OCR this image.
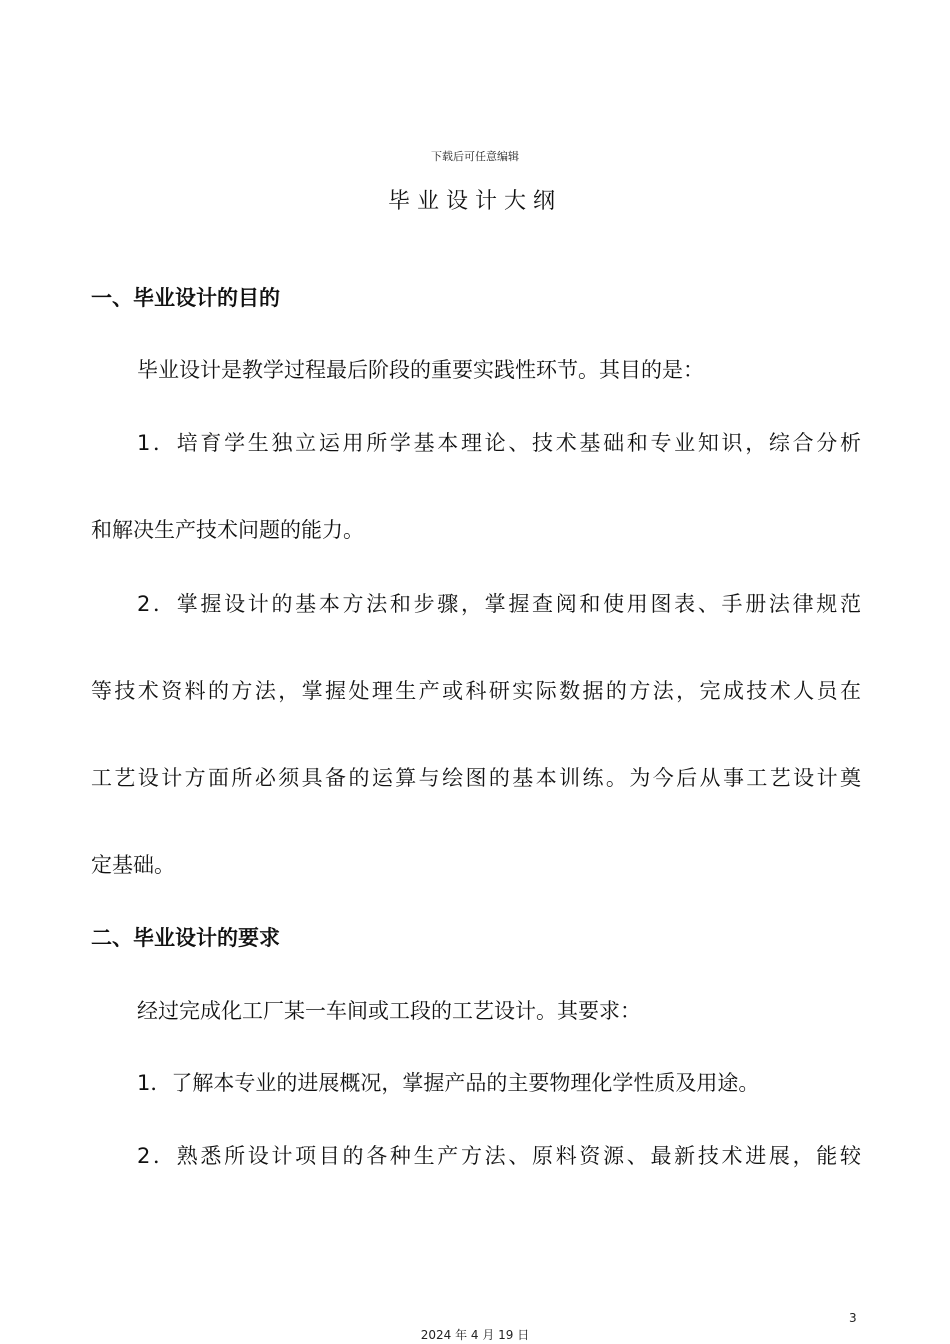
下载后可任意编辑
毕业设计大纲
一、毕业设计的目的
毕业设计是教学过程最后阶段的重要实践性环节。其目的是：
1．培育学生独立运用所学基本理论、技术基础和专业知识，综合分析
和解决生产技术问题的能力。
2．掌握设计的基本方法和步骤，掌握查阅和使用图表、手册法律规范
等技术资料的方法，掌握处理生产或科研实际数据的方法，完成技术人员在
工艺设计方面所必须具备的运算与绘图的基本训练。为今后从事工艺设计奠
定基础。
二、毕业设计的要求
经过完成化工厂某一车间或工段的工艺设计。其要求：
1．了解本专业的进展概况，掌握产品的主要物理化学性质及用途。
2．熟悉所设计项目的各种生产方法、原料资源、最新技术进展，能较
3
2024 年 4 月 19 日
